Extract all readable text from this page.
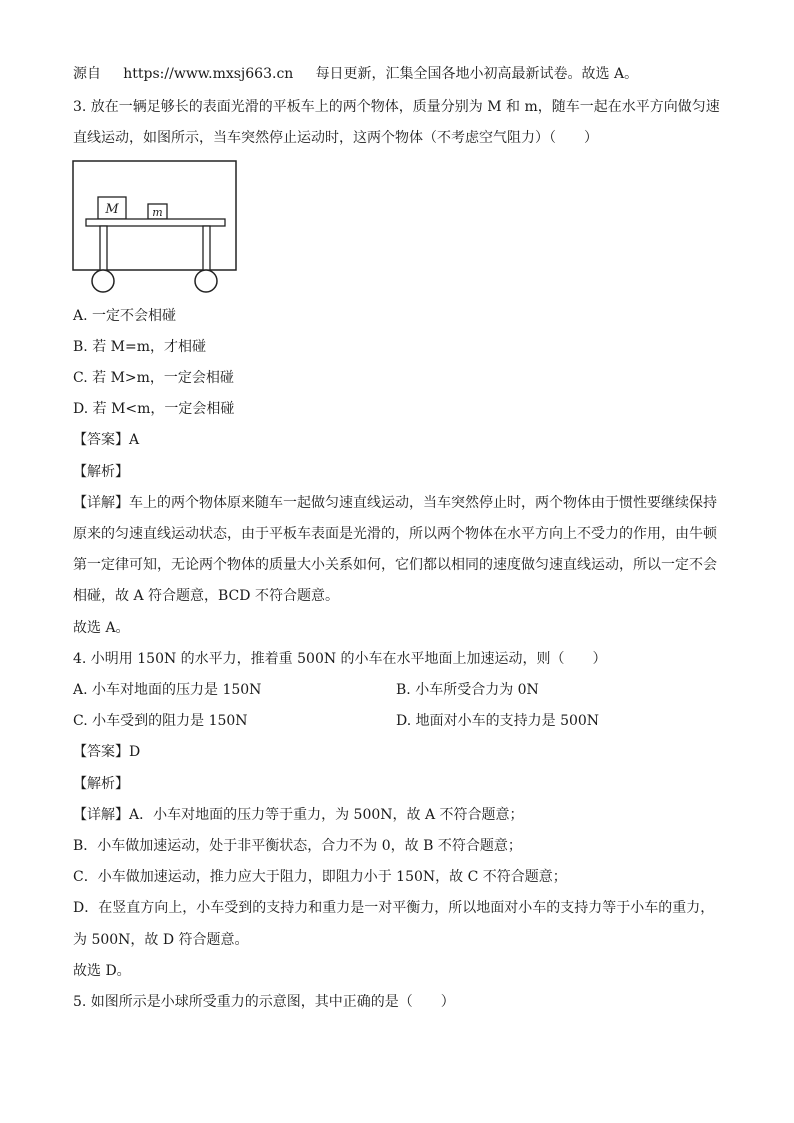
源自 https://www.mxsj663.cn 每日更新，汇集全国各地小初高最新试卷。故选 A。
3. 放在一辆足够长的表面光滑的平板车上的两个物体，质量分别为 M 和 m，随车一起在水平方向做匀速
直线运动，如图所示，当车突然停止运动时，这两个物体（不考虑空气阻力）（　　）
M	m
A. 一定不会相碰
B. 若 M=m，才相碰
C. 若 M>m，一定会相碰
D. 若 M<m，一定会相碰
【答案】A
【解析】
【详解】车上的两个物体原来随车一起做匀速直线运动，当车突然停止时，两个物体由于惯性要继续保持
原来的匀速直线运动状态，由于平板车表面是光滑的，所以两个物体在水平方向上不受力的作用，由牛顿
第一定律可知，无论两个物体的质量大小关系如何，它们都以相同的速度做匀速直线运动，所以一定不会
相碰，故 A 符合题意，BCD 不符合题意。
故选 A。
4. 小明用 150N 的水平力，推着重 500N 的小车在水平地面上加速运动，则（　　）
A. 小车对地面的压力是 150N	B. 小车所受合力为 0N
C. 小车受到的阻力是 150N	D. 地面对小车的支持力是 500N
【答案】D
【解析】
【详解】A．小车对地面的压力等于重力，为 500N，故 A 不符合题意；
B．小车做加速运动，处于非平衡状态，合力不为 0，故 B 不符合题意；
C．小车做加速运动，推力应大于阻力，即阻力小于 150N，故 C 不符合题意；
D．在竖直方向上，小车受到的支持力和重力是一对平衡力，所以地面对小车的支持力等于小车的重力，
为 500N，故 D 符合题意。
故选 D。
5. 如图所示是小球所受重力的示意图，其中正确的是（　　）
